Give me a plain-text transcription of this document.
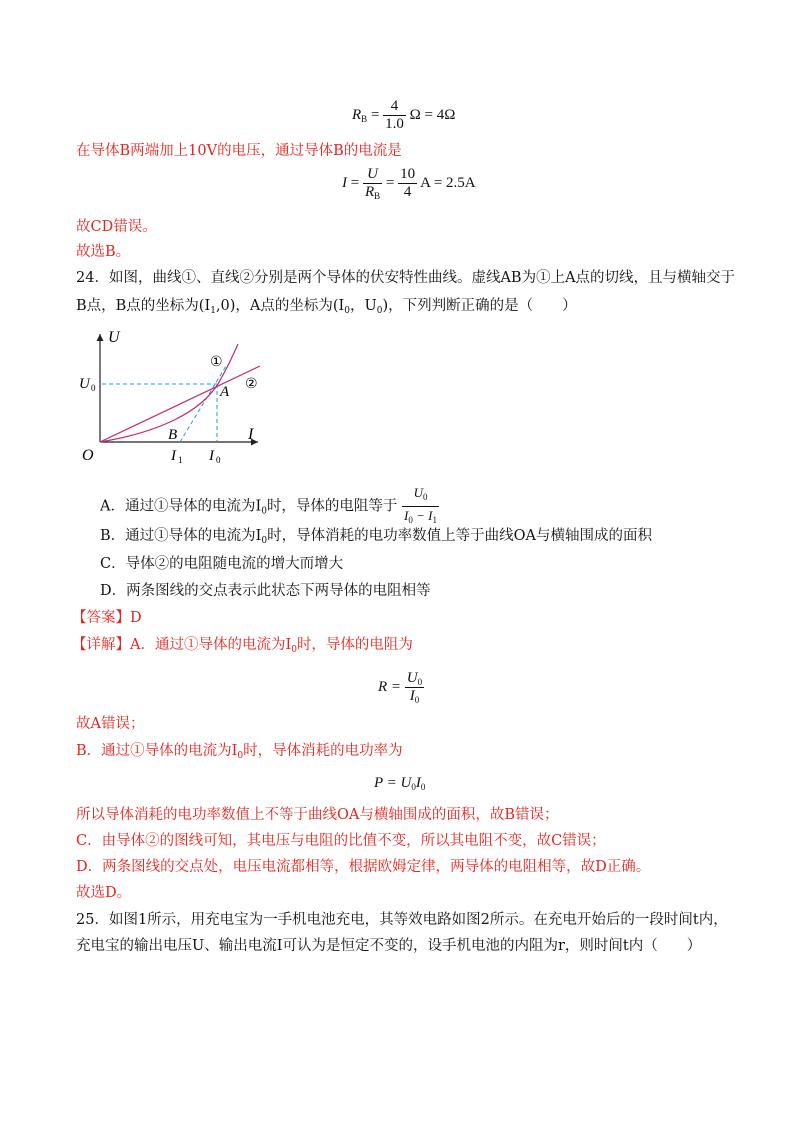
$R_B = \frac{4}{1.0}$ Ω = 4Ω
在导体B两端加上10V的电压，通过导体B的电流是
$I = \frac{U}{R_B} = \frac{10}{4}$ A = 2.5A
故CD错误。
故选B。
24．如图，曲线①、直线②分别是两个导体的伏安特性曲线。虚线AB为①上A点的切线，且与横轴交于
B点，B点的坐标为$(I_1,0)$，A点的坐标为($I_0$，$U_0$)，下列判断正确的是（　　）
U
I
O
U 0
I 1 I 0
A
B
①
②
A．通过①导体的电流为$I_0$时，导体的电阻等于 $\frac{U_0}{I_0 - I_1}$
B．通过①导体的电流为$I_0$时，导体消耗的电功率数值上等于曲线OA与横轴围成的面积
C．导体②的电阻随电流的增大而增大
D．两条图线的交点表示此状态下两导体的电阻相等
【答案】D
【详解】A．通过①导体的电流为$I_0$时，导体的电阻为
$R = \frac{U_0}{I_0}$
故A错误；
B．通过①导体的电流为$I_0$时，导体消耗的电功率为
$P = U_0I_0$
所以导体消耗的电功率数值上不等于曲线OA与横轴围成的面积，故B错误；
C．由导体②的图线可知，其电压与电阻的比值不变，所以其电阻不变，故C错误；
D．两条图线的交点处，电压电流都相等，根据欧姆定律，两导体的电阻相等，故D正确。
故选D。
25．如图1所示，用充电宝为一手机电池充电，其等效电路如图2所示。在充电开始后的一段时间t内，
充电宝的输出电压U、输出电流I可认为是恒定不变的，设手机电池的内阻为r，则时间t内（　　）
